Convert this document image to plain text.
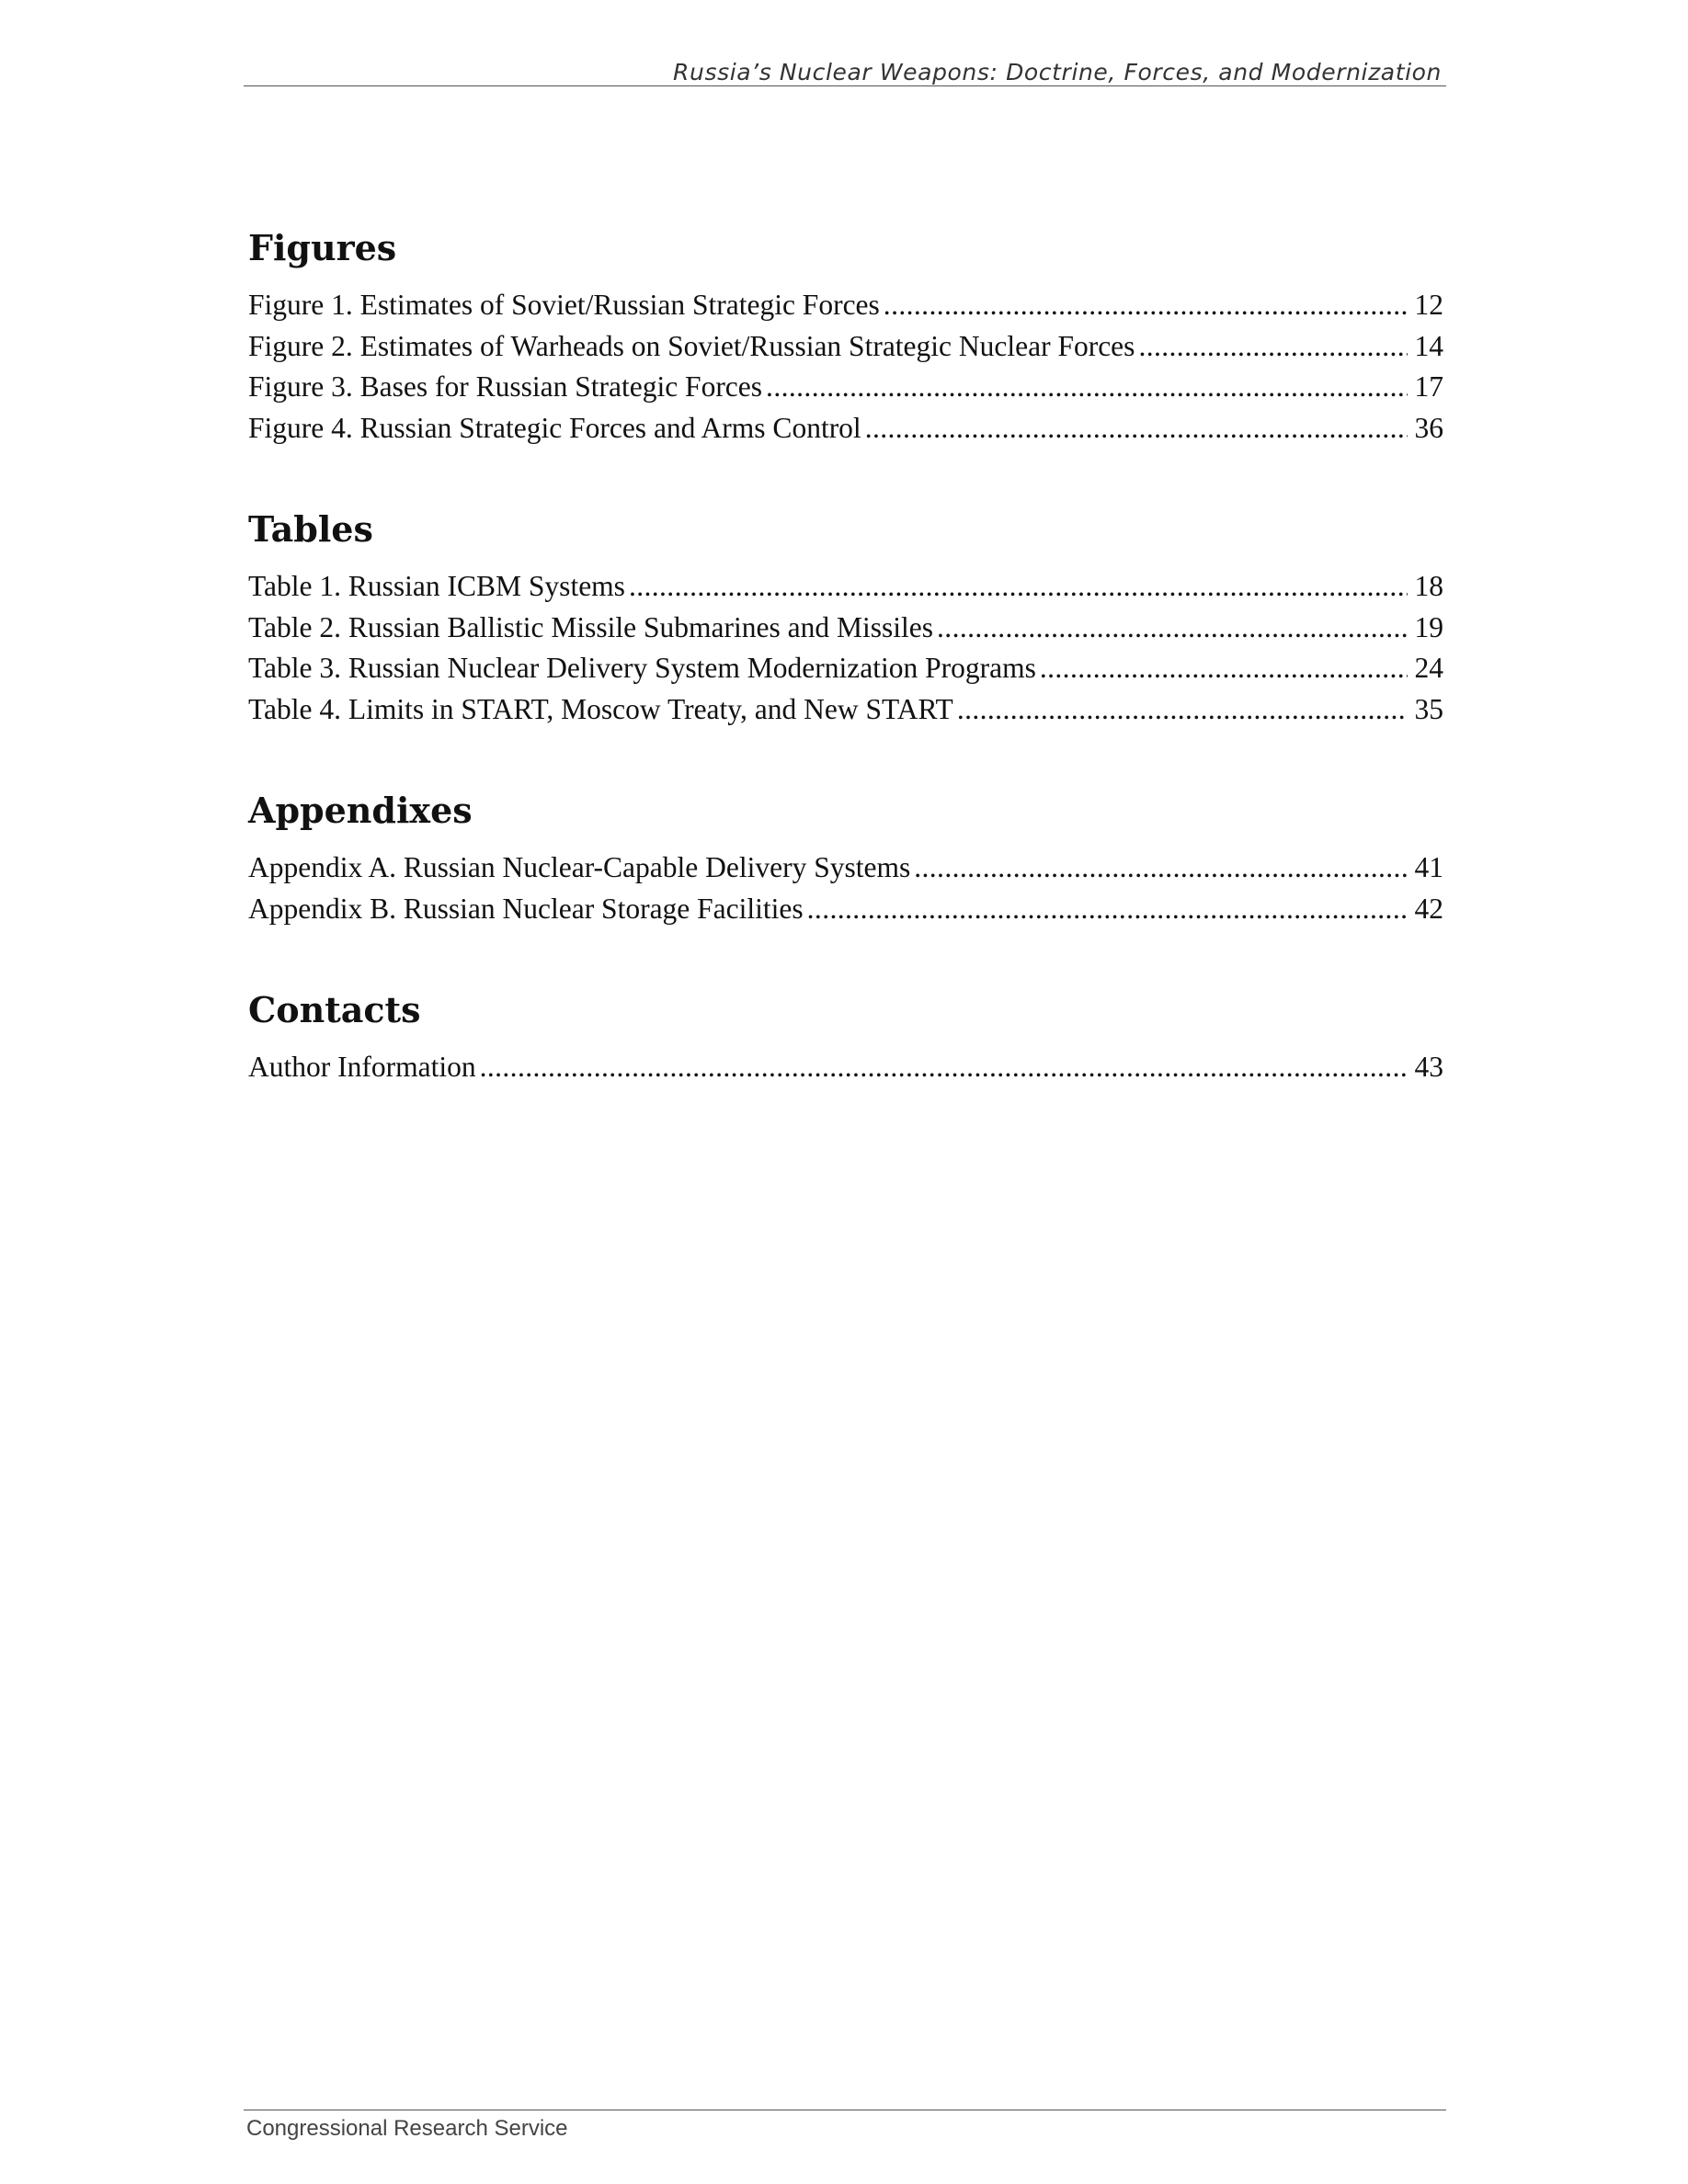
Russia’s Nuclear Weapons: Doctrine, Forces, and Modernization
Figures
Figure 1. Estimates of Soviet/Russian Strategic Forces .....	12
Figure 2. Estimates of Warheads on Soviet/Russian Strategic Nuclear Forces .....	14
Figure 3. Bases for Russian Strategic Forces .....	17
Figure 4. Russian Strategic Forces and Arms Control .....	36
Tables
Table 1. Russian ICBM Systems .....	18
Table 2. Russian Ballistic Missile Submarines and Missiles .....	19
Table 3. Russian Nuclear Delivery System Modernization Programs .....	24
Table 4. Limits in START, Moscow Treaty, and New START .....	35
Appendixes
Appendix A. Russian Nuclear-Capable Delivery Systems .....	41
Appendix B. Russian Nuclear Storage Facilities .....	42
Contacts
Author Information .....	43
Congressional Research Service
